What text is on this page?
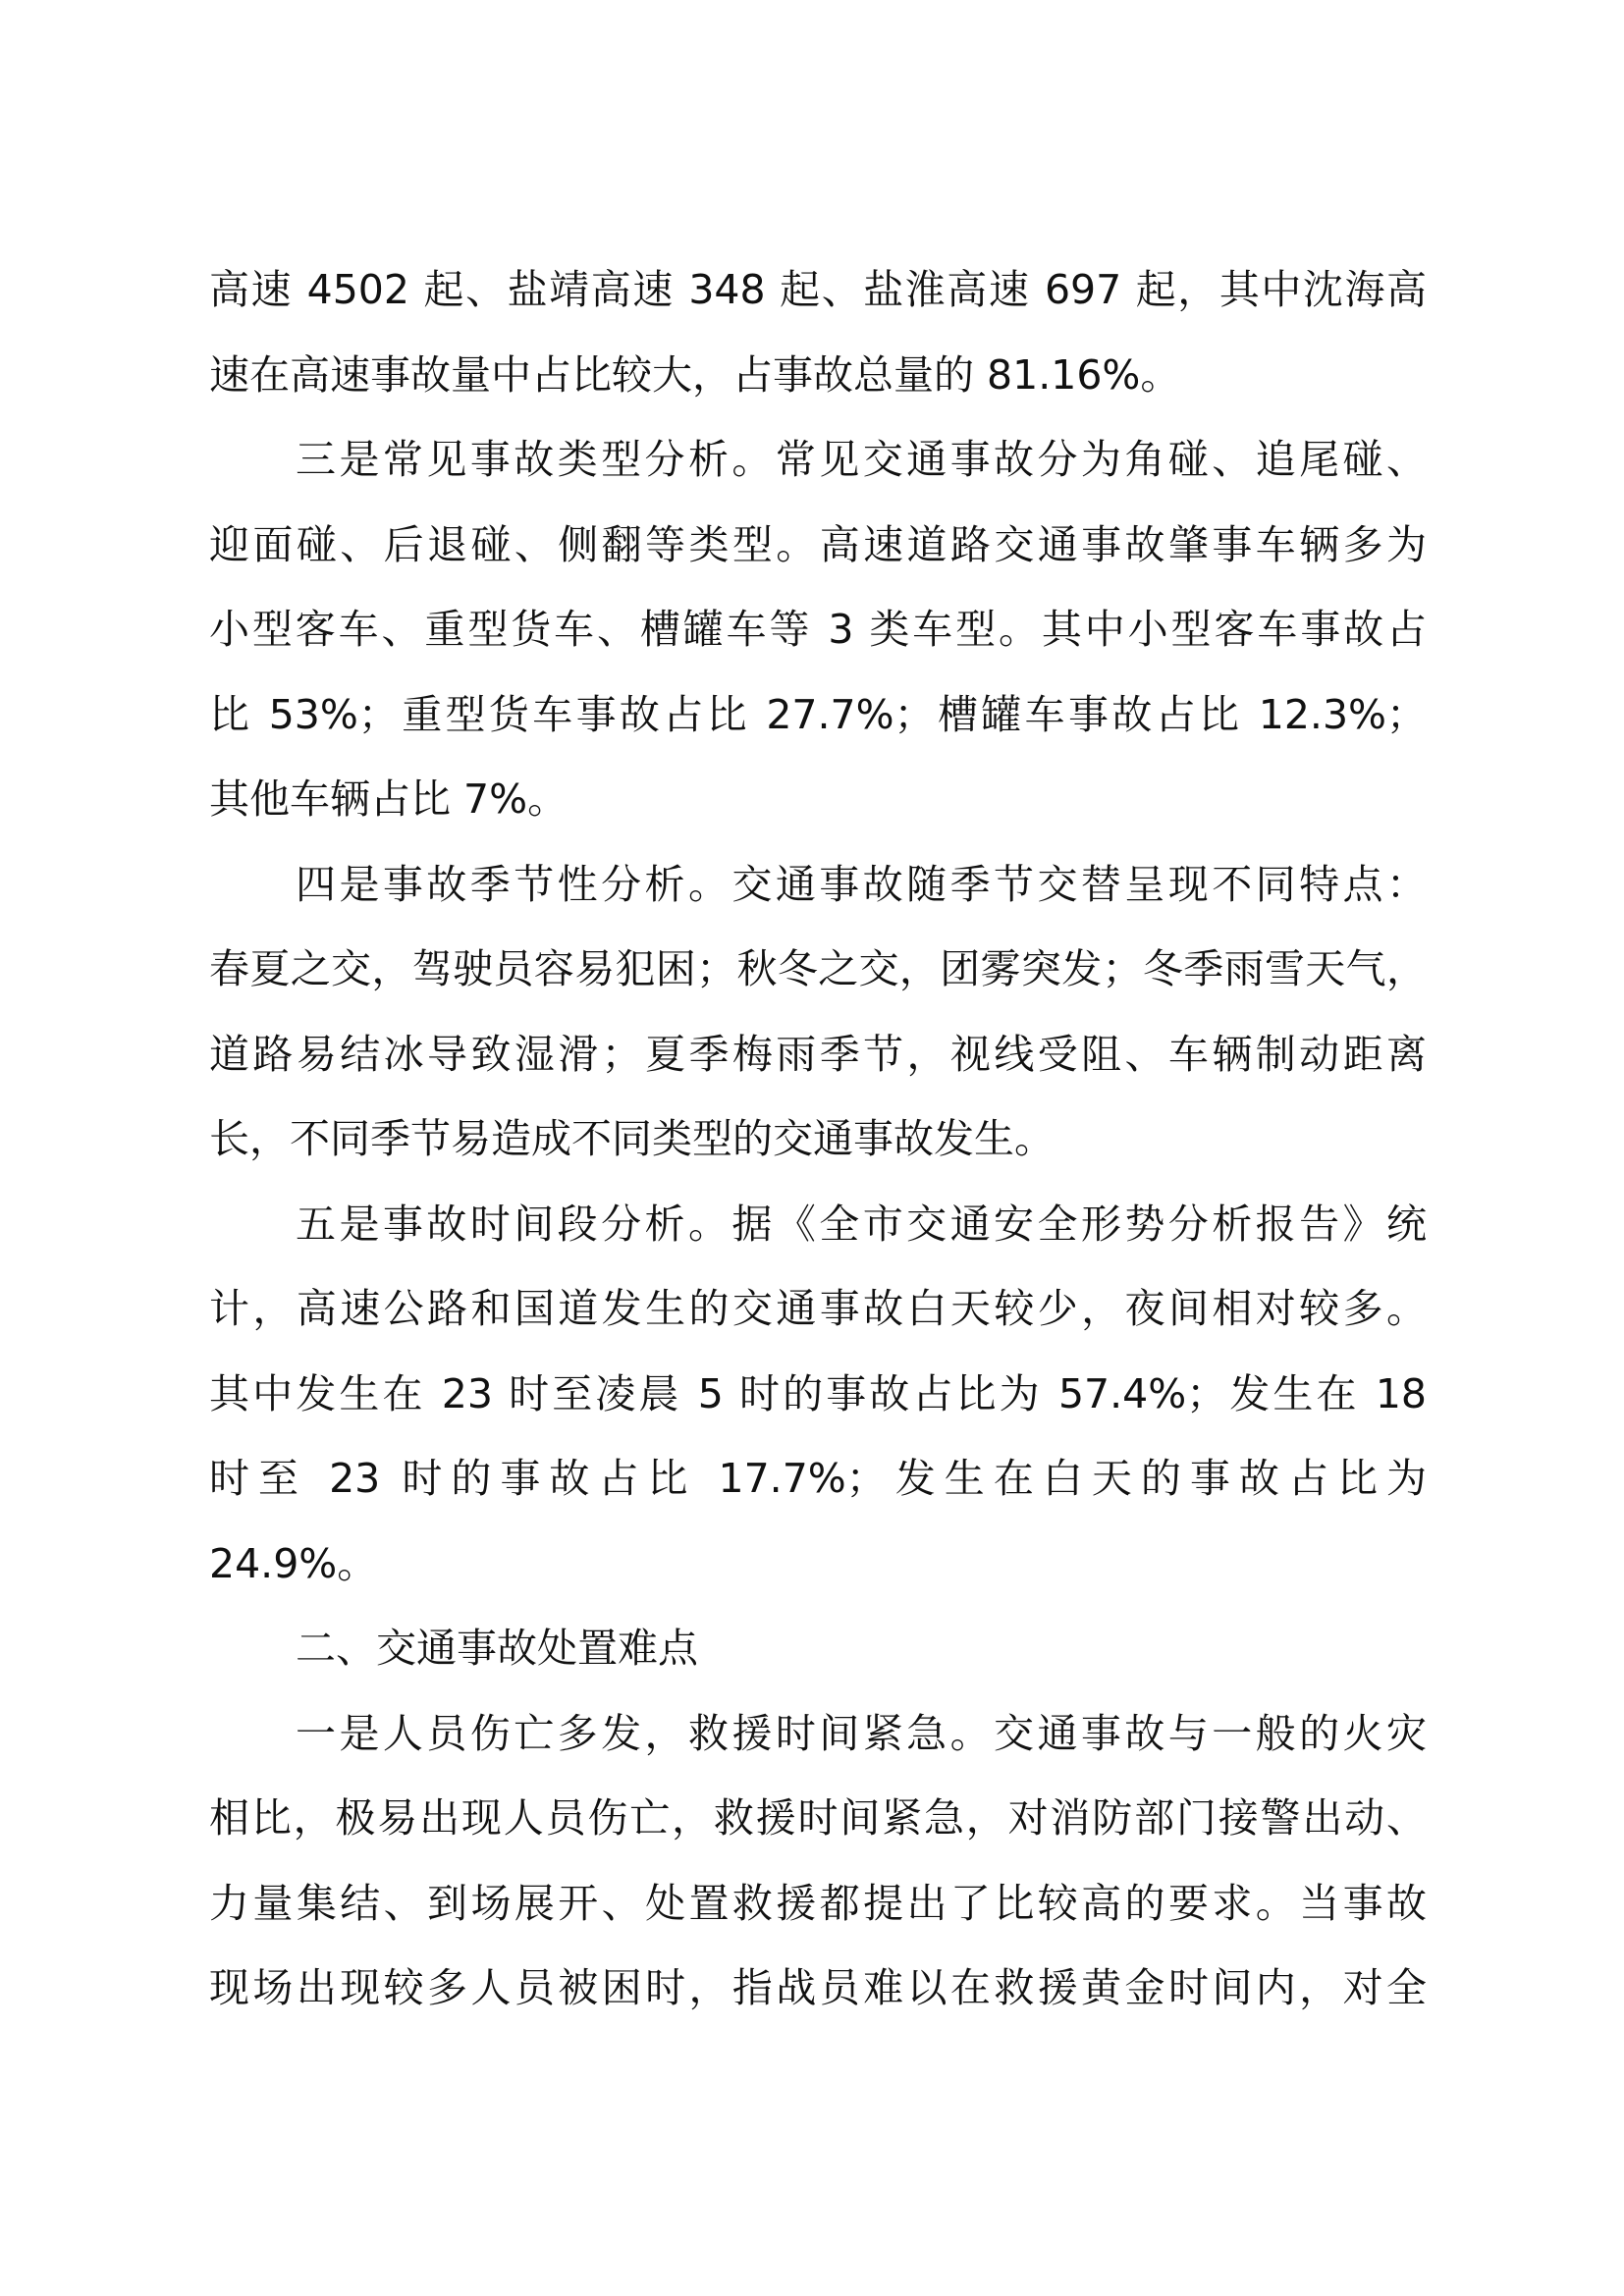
高速 4502 起、盐靖高速 348 起、盐淮高速 697 起，其中沈海高
速在高速事故量中占比较大，占事故总量的 81.16%。
三是常见事故类型分析。常见交通事故分为角碰、追尾碰、
迎面碰、后退碰、侧翻等类型。高速道路交通事故肇事车辆多为
小型客车、重型货车、槽罐车等 3 类车型。其中小型客车事故占
比 53%；重型货车事故占比 27.7%；槽罐车事故占比 12.3%；
其他车辆占比 7%。
四是事故季节性分析。交通事故随季节交替呈现不同特点：
春夏之交，驾驶员容易犯困；秋冬之交，团雾突发；冬季雨雪天气，
道路易结冰导致湿滑；夏季梅雨季节，视线受阻、车辆制动距离
长，不同季节易造成不同类型的交通事故发生。
五是事故时间段分析。据《全市交通安全形势分析报告》统
计，高速公路和国道发生的交通事故白天较少，夜间相对较多。
其中发生在 23 时至凌晨 5 时的事故占比为 57.4%；发生在 18
时至 23 时的事故占比 17.7%；发生在白天的事故占比为
24.9%。
二、交通事故处置难点
一是人员伤亡多发，救援时间紧急。交通事故与一般的火灾
相比，极易出现人员伤亡，救援时间紧急，对消防部门接警出动、
力量集结、到场展开、处置救援都提出了比较高的要求。当事故
现场出现较多人员被困时，指战员难以在救援黄金时间内，对全
